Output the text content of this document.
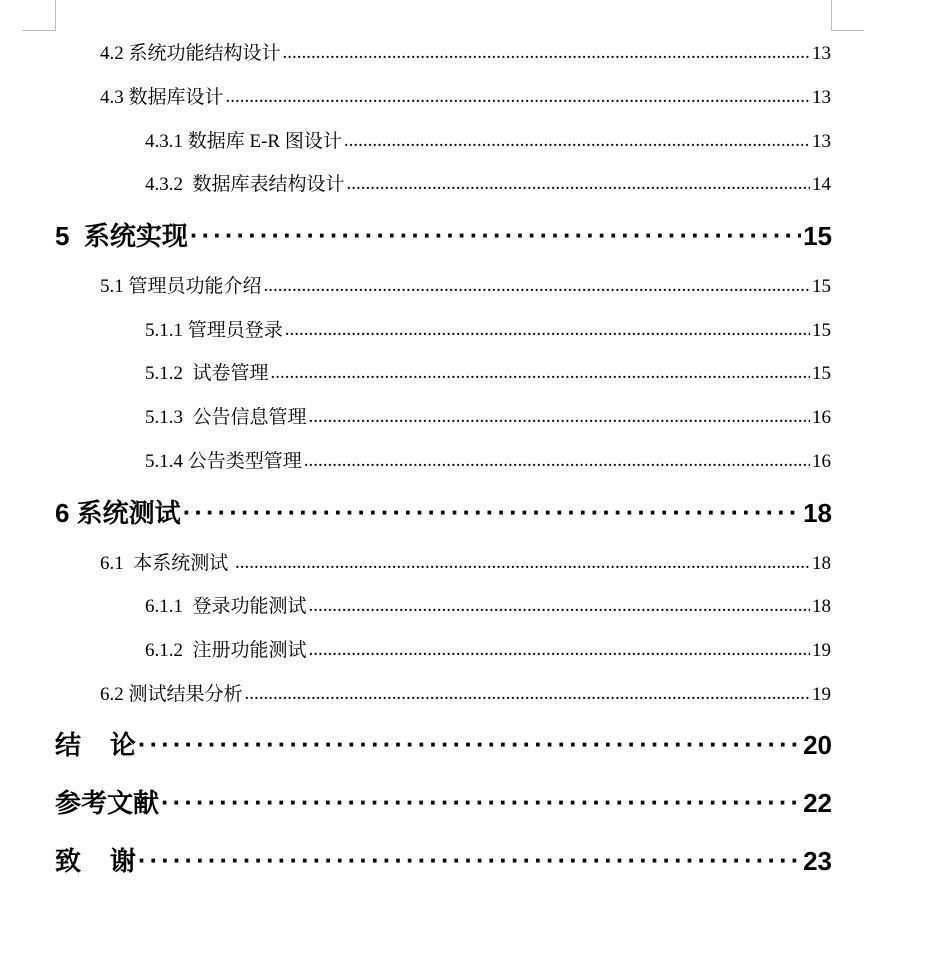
4.2 系统功能结构设计 .....	13
4.3 数据库设计 .....	13
4.3.1 数据库 E-R 图设计 .....	13
4.3.2  数据库表结构设计 .....	14
5  系统实现 ·····	15
5.1 管理员功能介绍 .....	15
5.1.1 管理员登录 .....	15
5.1.2  试卷管理 .....	15
5.1.3  公告信息管理 .....	16
5.1.4 公告类型管理 .....	16
6 系统测试 ·····	18
6.1  本系统测试 .....	18
6.1.1  登录功能测试 .....	18
6.1.2  注册功能测试 .....	19
6.2 测试结果分析 .....	19
结    论 ·····	20
参考文献 ·····	22
致    谢 ·····	23
